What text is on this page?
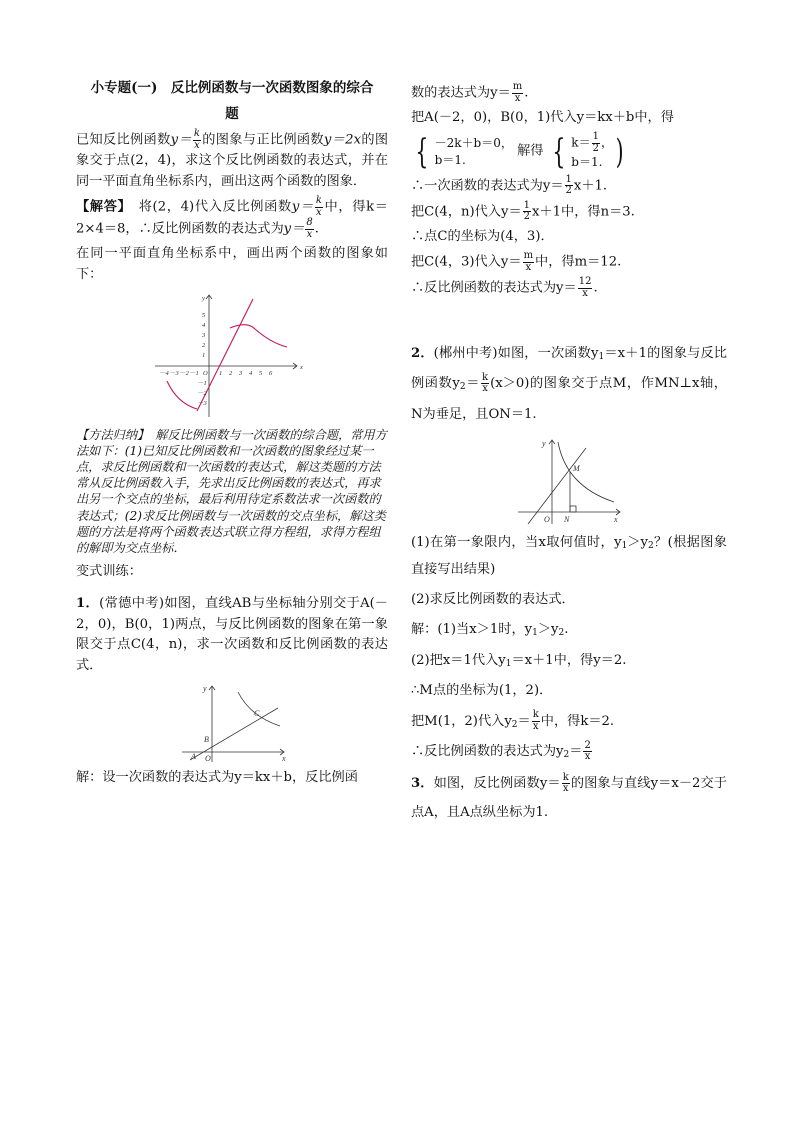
小专题(一)　反比例函数与一次函数图象的综合
题

已知反比例函数$y= \frac{k}{x}$ 的图象与正比例函数y＝2x的图象交于点(2，4)，求这个反比例函数的表达式，并在同一平面直角坐标系内，画出这两个函数的图象．

【解答】　将(2，4)代入反比例函数$y= \frac{k}{x}$ 中，得k＝2×4＝8，∴反比例函数的表达式为$y= \frac{8}{x}$ .

在同一平面直角坐标系中，画出两个函数的图象如下：

y
x
－4 －3 －2 －1 O 1 2 3 4 5 6
5
4
3
2
1
－1
－2
－3

【方法归纳】　解反比例函数与一次函数的综合题，常用方法如下：(1)已知反比例函数和一次函数的图象经过某一点，求反比例函数和一次函数的表达式，解这类题的方法常从反比例函数入手，先求出反比例函数的表达式，再求出另一个交点的坐标，最后利用待定系数法求一次函数的表达式；(2)求反比例函数与一次函数的交点坐标，解这类题的方法是将两个函数表达式联立得方程组，求得方程组的解即为交点坐标．

变式训练：

1．(常德中考)如图，直线AB与坐标轴分别交于A(－2，0)，B(0，1)两点，与反比例函数的图象在第一象限交于点C(4，n)，求一次函数和反比例函数的表达式．

y
C
B
A O	x

解：设一次函数的表达式为y＝kx＋b，反比例函

数的表达式为$y= \frac{m}{x}$ .

把A(－2，0)，B(0，1)代入y＝kx＋b中，得

{ －2k＋b＝0，
b＝1.
解得 { $k= \frac{1}{2}$ ，
b＝1. )

∴一次函数的表达式为$y= \frac{1}{2} x+1$.

把C(4，n)代入$y= \frac{1}{2} x+1$中，得n＝3.

∴点C的坐标为(4，3)．

把C(4，3)代入$y= \frac{m}{x}$ 中，得m＝12.

∴反比例函数的表达式为$y= \frac{12}{x}$ .

2．(郴州中考)如图，一次函数$y_1=x+1$的图象与反比例函数$y_2= \frac{k}{x} (x>0)$的图象交于点M，作MN⊥x轴，N为垂足，且ON＝1.

y
M
O N	x

(1)在第一象限内，当x取何值时，$y_1>y_2$？(根据图象直接写出结果)

(2)求反比例函数的表达式．

解：(1)当x＞1时，$y_1>y_2$.

(2)把x＝1代入$y_1=x+1$中，得y＝2.

∴M点的坐标为(1，2)．

把M(1，2)代入$y_2= \frac{k}{x}$ 中，得k＝2.

∴反比例函数的表达式为$y_2= \frac{2}{x}$

3．如图，反比例函数$y= \frac{k}{x}$ 的图象与直线y＝x－2交于点A，且A点纵坐标为1.
